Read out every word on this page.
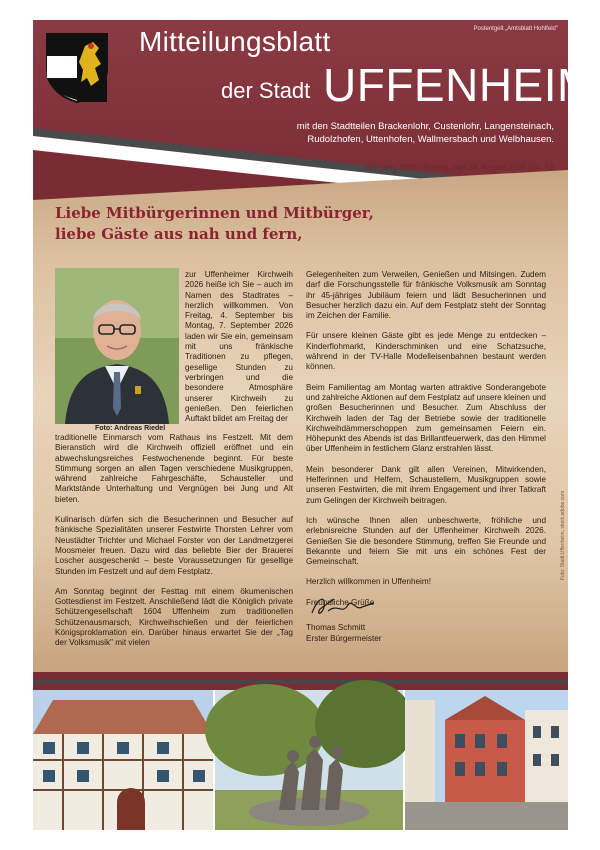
Postentgelt „Amtsblatt Hohlfeld"
Mitteilungsblatt
der Stadt UFFENHEIM
mit den Stadtteilen Brackenlohr, Custenlohr, Langensteinach,
Rudolzhofen, Uttenhofen, Wallmersbach und Welbhausen.
Jahrgang 2026 | Freitag, den 28. August 2026 | Nr. 18
Liebe Mitbürgerinnen und Mitbürger,
liebe Gäste aus nah und fern,
Foto: Andreas Riedel
zur Uffenheimer Kirchweih 2026 heiße ich Sie – auch im Namen des Stadtrates – herzlich willkommen. Von Freitag, 4. September bis Montag, 7. September 2026 laden wir Sie ein, gemeinsam mit uns fränkische Traditionen zu pflegen, gesellige Stunden zu verbringen und die besondere Atmosphäre unserer Kirchweih zu genießen. Den feierlichen Auftakt bildet am Freitag der

traditionelle Einmarsch vom Rathaus ins Festzelt. Mit dem Bieranstich wird die Kirchweih offiziell eröffnet und ein abwechslungsreiches Festwochenende beginnt. Für beste Stimmung sorgen an allen Tagen verschiedene Musikgruppen, während zahlreiche Fahrgeschäfte, Schausteller und Marktstände Unterhaltung und Vergnügen bei Jung und Alt bieten.

Kulinarisch dürfen sich die Besucherinnen und Besucher auf fränkische Spezialitäten unserer Festwirte Thorsten Lehrer vom Neustädter Trichter und Michael Forster von der Landmetzgerei Moosmeier freuen. Dazu wird das beliebte Bier der Brauerei Loscher ausgeschenkt – beste Voraussetzungen für gesellige Stunden im Festzelt und auf dem Festplatz.

Am Sonntag beginnt der Festtag mit einem ökumenischen Gottesdienst im Festzelt. Anschließend lädt die Königlich private Schützengesellschaft 1604 Uffenheim zum traditionellen Schützenausmarsch, Kirchweihschießen und der feierlichen Königsproklamation ein. Darüber hinaus erwartet Sie der „Tag der Volksmusik" mit vielen

Gelegenheiten zum Verweilen, Genießen und Mitsingen. Zudem darf die Forschungsstelle für fränkische Volksmusik am Sonntag ihr 45-jähriges Jubiläum feiern und lädt Besucherinnen und Besucher herzlich dazu ein. Auf dem Festplatz steht der Sonntag im Zeichen der Familie.

Für unsere kleinen Gäste gibt es jede Menge zu entdecken – Kinderflohmarkt, Kinderschminken und eine Schatzsuche, während in der TV-Halle Modelleisenbahnen bestaunt werden können.

Beim Familientag am Montag warten attraktive Sonderangebote und zahlreiche Aktionen auf dem Festplatz auf unsere kleinen und großen Besucherinnen und Besucher. Zum Abschluss der Kirchweih laden der Tag der Betriebe sowie der traditionelle Kirchweihdämmerschoppen zum gemeinsamen Feiern ein. Höhepunkt des Abends ist das Brillantfeuerwerk, das den Himmel über Uffenheim in festlichem Glanz erstrahlen lässt.

Mein besonderer Dank gilt allen Vereinen, Mitwirkenden, Helferinnen und Helfern, Schaustellern, Musikgruppen sowie unseren Festwirten, die mit ihrem Engagement und ihrer Tatkraft zum Gelingen der Kirchweih beitragen.

Ich wünsche Ihnen allen unbeschwerte, fröhliche und erlebnisreiche Stunden auf der Uffenheimer Kirchweih 2026. Genießen Sie die besondere Stimmung, treffen Sie Freunde und Bekannte und feiern Sie mit uns ein schönes Fest der Gemeinschaft.

Herzlich willkommen in Uffenheim!

Freundliche Grüße

Thomas Schmitt
Erster Bürgermeister
Foto: Stadt Uffenheim, stock.adobe.com
